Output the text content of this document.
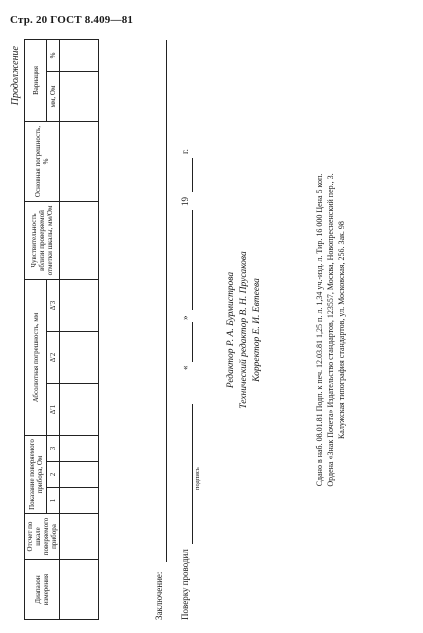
Стр. 20 ГОСТ 8.409—81
Продолжение
Диапазон измерения	Отсчет по шкале поверяемого прибора	Показание поверяемого прибора, Ом			Абсолютная погрешность, мм			Чувствительность вблизи проверяемой отметки шкалы, мм/Ом	Основная погрешность, %	Вариация	
		1	2	3	Δ′1	Δ′2	Δ′3			мм, Ом	%

Заключение: Поверку проводил
подпись
«
»
19
г.
Редактор Р. А. Бурмистрова Технический редактор В. Н. Прусакова Корректор Е. И. Евтеева	Сдано в наб. 08.01.81 Подп. к печ. 12.03.81 1,25 п. л. 1,34 уч.-изд. л. Тир. 16 000 Цена 5 коп. Ордена «Знак Почета» Издательство стандартов, 123557, Москва, Новопресненский пер., 3. Калужская типография стандартов, ул. Московская, 256. Зак. 98
